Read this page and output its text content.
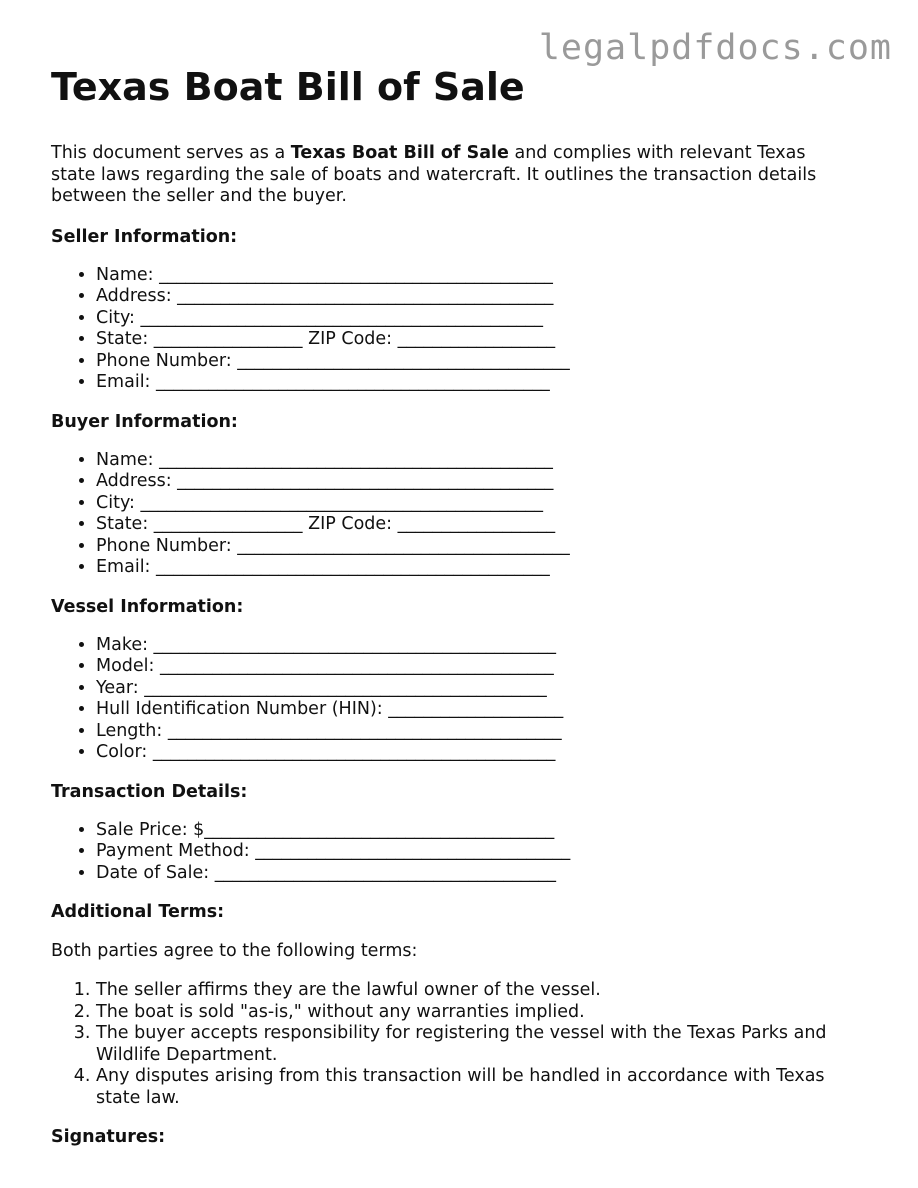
legalpdfdocs.com
Texas Boat Bill of Sale

This document serves as a Texas Boat Bill of Sale and complies with relevant Texas state laws regarding the sale of boats and watercraft. It outlines the transaction details between the seller and the buyer.

Seller Information:
• Name: _____________________________________________
• Address: ___________________________________________
• City: ______________________________________________
• State: _________________ ZIP Code: __________________
• Phone Number: ______________________________________
• Email: _____________________________________________
Buyer Information:
• Name: _____________________________________________
• Address: ___________________________________________
• City: ______________________________________________
• State: _________________ ZIP Code: __________________
• Phone Number: ______________________________________
• Email: _____________________________________________
Vessel Information:
• Make: ______________________________________________
• Model: _____________________________________________
• Year: ______________________________________________
• Hull Identification Number (HIN): ____________________
• Length: _____________________________________________
• Color: ______________________________________________
Transaction Details:
• Sale Price: $________________________________________
• Payment Method: ____________________________________
• Date of Sale: _______________________________________
Additional Terms:

Both parties agree to the following terms:

1. The seller affirms they are the lawful owner of the vessel.
2. The boat is sold "as-is," without any warranties implied.
3. The buyer accepts responsibility for registering the vessel with the Texas Parks and Wildlife Department.
4. Any disputes arising from this transaction will be handled in accordance with Texas state law.
Signatures:
